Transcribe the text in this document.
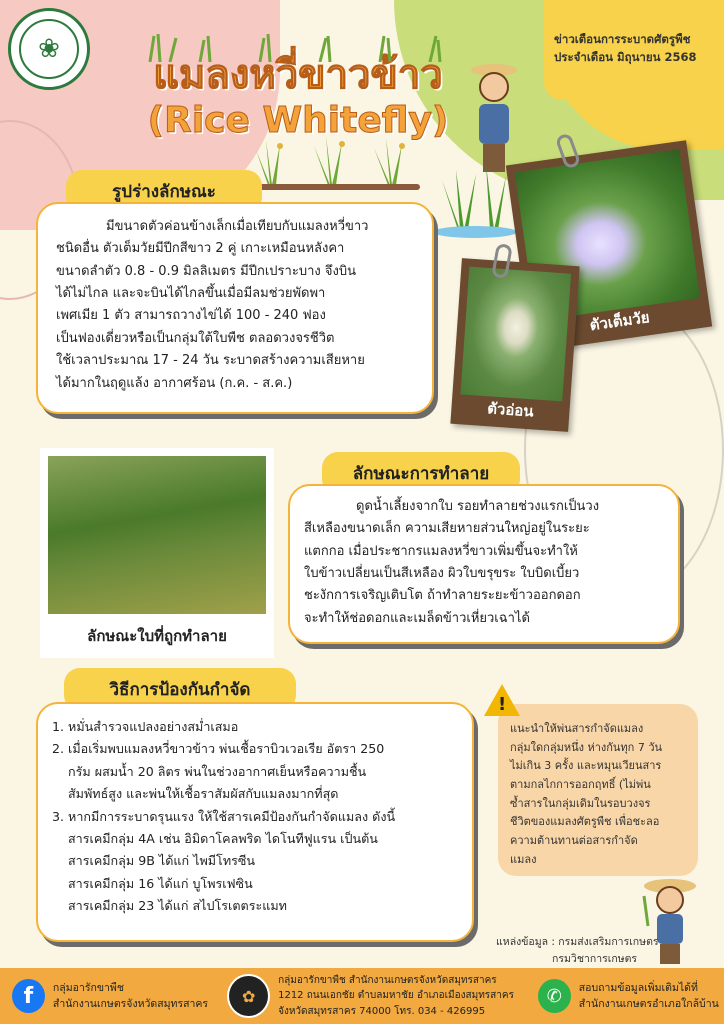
❀
แมลงหวี่ขาวข้าว
(Rice Whitefly)
ข่าวเตือนการระบาดศัตรูพืช
ประจำเดือน มิถุนายน 2568
รูปร่างลักษณะ
มีขนาดตัวค่อนข้างเล็กเมื่อเทียบกับแมลงหวี่ขาว
ชนิดอื่น ตัวเต็มวัยมีปีกสีขาว 2 คู่ เกาะเหมือนหลังคา
ขนาดลำตัว 0.8 - 0.9 มิลลิเมตร มีปีกเปราะบาง จึงบิน
ได้ไม่ไกล และจะบินได้ไกลขึ้นเมื่อมีลมช่วยพัดพา
เพศเมีย 1 ตัว สามารถวางไข่ได้ 100 - 240 ฟอง
เป็นฟองเดี่ยวหรือเป็นกลุ่มใต้ใบพืช ตลอดวงจรชีวิต
ใช้เวลาประมาณ 17 - 24 วัน ระบาดสร้างความเสียหาย
ได้มากในฤดูแล้ง อากาศร้อน (ก.ค. - ส.ค.)
ตัวเต็มวัย
ตัวอ่อน
ลักษณะใบที่ถูกทำลาย
ลักษณะการทำลาย
ดูดน้ำเลี้ยงจากใบ รอยทำลายช่วงแรกเป็นวง
สีเหลืองขนาดเล็ก ความเสียหายส่วนใหญ่อยู่ในระยะ
แตกกอ เมื่อประชากรแมลงหวี่ขาวเพิ่มขึ้นจะทำให้
ใบข้าวเปลี่ยนเป็นสีเหลือง ผิวใบขรุขระ ใบบิดเบี้ยว
ชะงักการเจริญเติบโต ถ้าทำลายระยะข้าวออกดอก
จะทำให้ช่อดอกและเมล็ดข้าวเหี่ยวเฉาได้
วิธีการป้องกันกำจัด
1. หมั่นสำรวจแปลงอย่างสม่ำเสมอ
2. เมื่อเริ่มพบแมลงหวี่ขาวข้าว พ่นเชื้อราบิวเวอเรีย อัตรา 250
กรัม ผสมน้ำ 20 ลิตร พ่นในช่วงอากาศเย็นหรือความชื้น
สัมพัทธ์สูง และพ่นให้เชื้อราสัมผัสกับแมลงมากที่สุด
3. หากมีการระบาดรุนแรง ให้ใช้สารเคมีป้องกันกำจัดแมลง ดังนี้
สารเคมีกลุ่ม 4A เช่น อิมิดาโคลพริด ไดโนทีฟูแรน เป็นต้น
สารเคมีกลุ่ม 9B ได้แก่ ไพมีโทรซีน
สารเคมีกลุ่ม 16 ได้แก่ บูโพรเฟซิน
สารเคมีกลุ่ม 23 ได้แก่ สไปโรเตตระแมท
แนะนำให้พ่นสารกำจัดแมลง
กลุ่มใดกลุ่มหนึ่ง ห่างกันทุก 7 วัน
ไม่เกิน 3 ครั้ง และหมุนเวียนสาร
ตามกลไกการออกฤทธิ์ (ไม่พ่น
ซ้ำสารในกลุ่มเดิมในรอบวงจร
ชีวิตของแมลงศัตรูพืช เพื่อชะลอ
ความต้านทานต่อสารกำจัด
แมลง
!
แหล่งข้อมูล : กรมส่งเสริมการเกษตร
กรมวิชาการเกษตร
f	กลุ่มอารักขาพืช
สำนักงานเกษตรจังหวัดสมุทรสาคร	✿
กลุ่มอารักขาพืช สำนักงานเกษตรจังหวัดสมุทรสาคร
1212 ถนนเอกชัย ตำบลมหาชัย อำเภอเมืองสมุทรสาคร
จังหวัดสมุทรสาคร 74000 โทร. 034 - 426995
✆	สอบถามข้อมูลเพิ่มเติมได้ที่
สำนักงานเกษตรอำเภอใกล้บ้าน
